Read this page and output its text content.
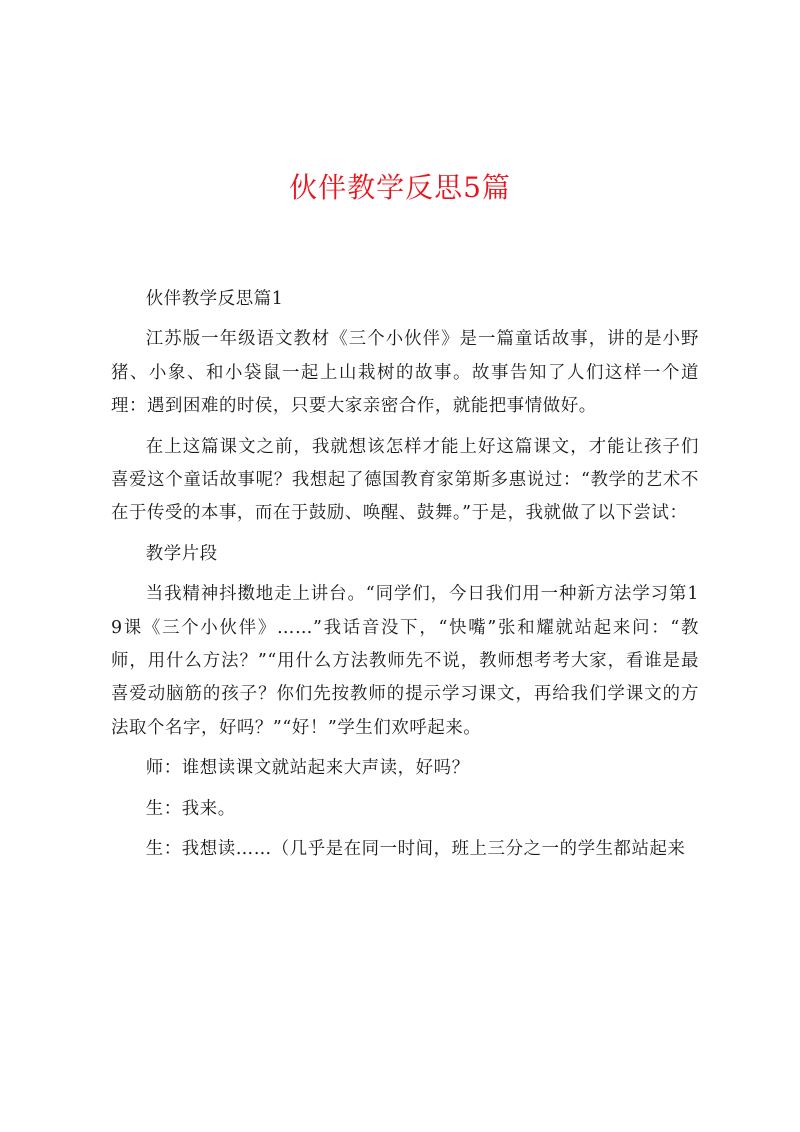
伙伴教学反思5篇

伙伴教学反思篇1

江苏版一年级语文教材《三个小伙伴》是一篇童话故事，讲的是小野猪、小象、和小袋鼠一起上山栽树的故事。故事告知了人们这样一个道理：遇到困难的时侯，只要大家亲密合作，就能把事情做好。

在上这篇课文之前，我就想该怎样才能上好这篇课文，才能让孩子们喜爱这个童话故事呢？我想起了德国教育家第斯多惠说过：“教学的艺术不在于传受的本事，而在于鼓励、唤醒、鼓舞。”于是，我就做了以下尝试：

教学片段

当我精神抖擞地走上讲台。“同学们，今日我们用一种新方法学习第19课《三个小伙伴》……”我话音没下，“快嘴”张和耀就站起来问：“教师，用什么方法？”“用什么方法教师先不说，教师想考考大家，看谁是最喜爱动脑筋的孩子？你们先按教师的提示学习课文，再给我们学课文的方法取个名字，好吗？”“好！”学生们欢呼起来。

师：谁想读课文就站起来大声读，好吗？

生：我来。

生：我想读……（几乎是在同一时间，班上三分之一的学生都站起来
